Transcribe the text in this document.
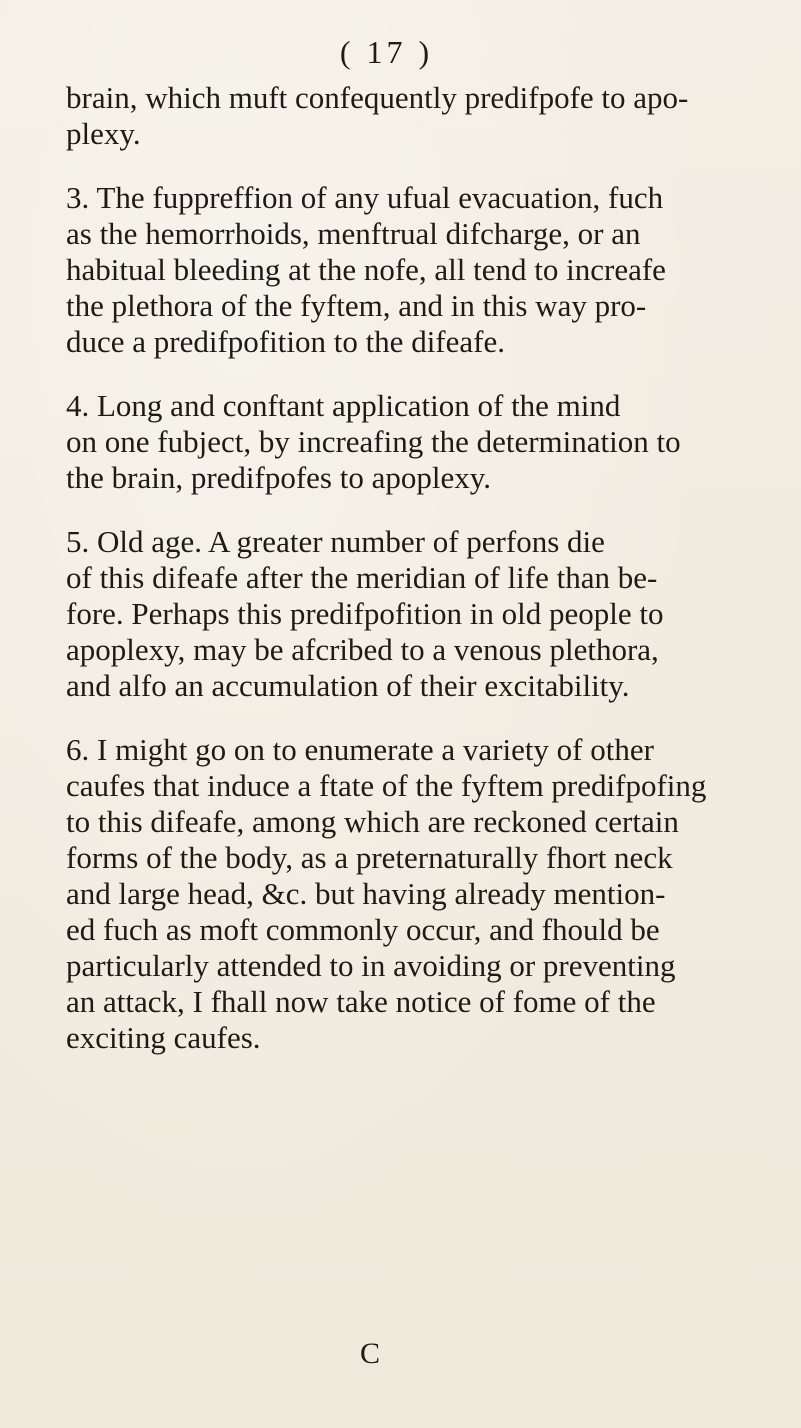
( 17 )

brain, which muft confequently predifpofe to apo-
plexy.

3. The fuppreffion of any ufual evacuation, fuch
as the hemorrhoids, menftrual difcharge, or an
habitual bleeding at the nofe, all tend to increafe
the plethora of the fyftem, and in this way pro-
duce a predifpofition to the difeafe.

4. Long and conftant application of the mind
on one fubject, by increafing the determination to
the brain, predifpofes to apoplexy.

5. Old age. A greater number of perfons die
of this difeafe after the meridian of life than be-
fore. Perhaps this predifpofition in old people to
apoplexy, may be afcribed to a venous plethora,
and alfo an accumulation of their excitability.

6. I might go on to enumerate a variety of other
caufes that induce a ftate of the fyftem predifpofing
to this difeafe, among which are reckoned certain
forms of the body, as a preternaturally fhort neck
and large head, &c. but having already mention-
ed fuch as moft commonly occur, and fhould be
particularly attended to in avoiding or preventing
an attack, I fhall now take notice of fome of the
exciting caufes.

C
